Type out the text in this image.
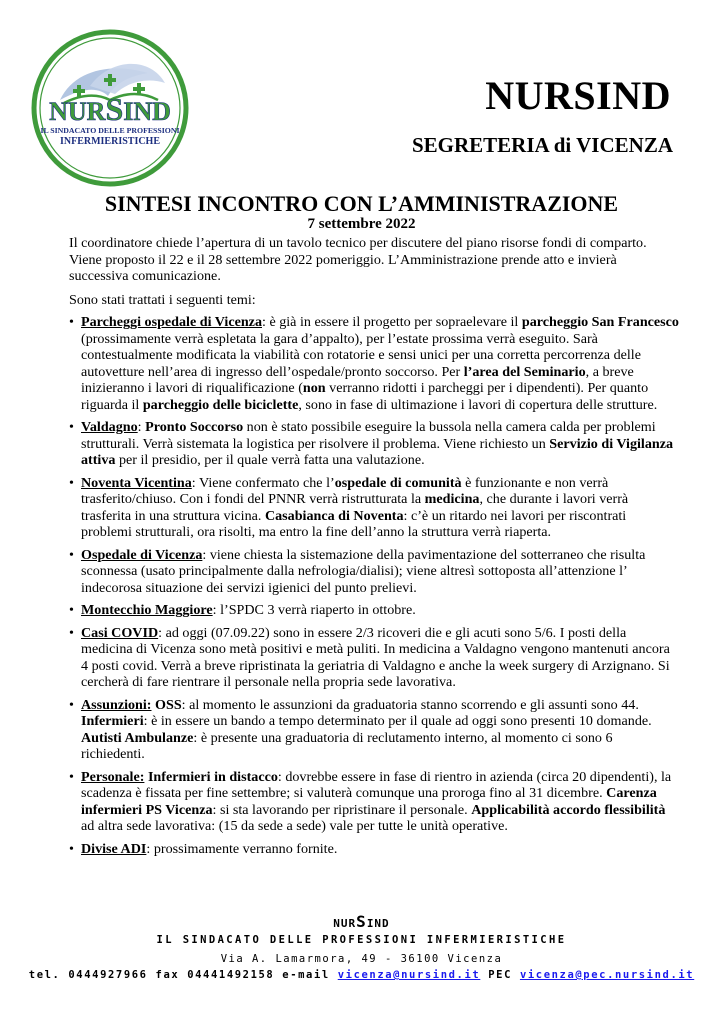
NURSIND
IL SINDACATO DELLE PROFESSIONI
INFERMIERISTICHE
NURSIND
SEGRETERIA di VICENZA
SINTESI INCONTRO CON L’AMMINISTRAZIONE
7 settembre 2022

Il coordinatore chiede l’apertura di un tavolo tecnico per discutere del piano risorse fondi di comparto. Viene proposto il 22 e il 28 settembre 2022 pomeriggio. L’Amministrazione prende atto e invierà successiva comunicazione.

Sono stati trattati i seguenti temi:

• Parcheggi ospedale di Vicenza: è già in essere il progetto per sopraelevare il parcheggio San Francesco (prossimamente verrà espletata la gara d’appalto), per l’estate prossima verrà eseguito. Sarà contestualmente modificata la viabilità con rotatorie e sensi unici per una corretta percorrenza delle autovetture nell’area di ingresso dell’ospedale/pronto soccorso. Per l’area del Seminario, a breve inizieranno i lavori di riqualificazione (non verranno ridotti i parcheggi per i dipendenti). Per quanto riguarda il parcheggio delle biciclette, sono in fase di ultimazione i lavori di copertura delle strutture.
• Valdagno: Pronto Soccorso non è stato possibile eseguire la bussola nella camera calda per problemi strutturali. Verrà sistemata la logistica per risolvere il problema. Viene richiesto un Servizio di Vigilanza attiva per il presidio, per il quale verrà fatta una valutazione.
• Noventa Vicentina: Viene confermato che l’ospedale di comunità è funzionante e non verrà trasferito/chiuso. Con i fondi del PNNR verrà ristrutturata la medicina, che durante i lavori verrà trasferita in una struttura vicina. Casabianca di Noventa: c’è un ritardo nei lavori per riscontrati problemi strutturali, ora risolti, ma entro la fine dell’anno la struttura verrà riaperta.
• Ospedale di Vicenza: viene chiesta la sistemazione della pavimentazione del sotterraneo che risulta sconnessa (usato principalmente dalla nefrologia/dialisi); viene altresì sottoposta all’attenzione l’ indecorosa situazione dei servizi igienici del punto prelievi.
• Montecchio Maggiore: l’SPDC 3 verrà riaperto in ottobre.
• Casi COVID: ad oggi (07.09.22) sono in essere 2/3 ricoveri die e gli acuti sono 5/6. I posti della medicina di Vicenza sono metà positivi e metà puliti. In medicina a Valdagno vengono mantenuti ancora 4 posti covid. Verrà a breve ripristinata la geriatria di Valdagno e anche la week surgery di Arzignano. Si cercherà di fare rientrare il personale nella propria sede lavorativa.
• Assunzioni: OSS: al momento le assunzioni da graduatoria stanno scorrendo e gli assunti sono 44. Infermieri: è in essere un bando a tempo determinato per il quale ad oggi sono presenti 10 domande. Autisti Ambulanze: è presente una graduatoria di reclutamento interno, al momento ci sono 6 richiedenti.
• Personale: Infermieri in distacco: dovrebbe essere in fase di rientro in azienda (circa 20 dipendenti), la scadenza è fissata per fine settembre; si valuterà comunque una proroga fino al 31 dicembre. Carenza infermieri PS Vicenza: si sta lavorando per ripristinare il personale. Applicabilità accordo flessibilità ad altra sede lavorativa: (15 da sede a sede) vale per tutte le unità operative.
• Divise ADI: prossimamente verranno fornite.
NURSIND
IL SINDACATO DELLE PROFESSIONI INFERMIERISTICHE
Via A. Lamarmora, 49 - 36100 Vicenza
tel. 0444927966 fax 04441492158 e-mail vicenza@nursind.it PEC vicenza@pec.nursind.it
